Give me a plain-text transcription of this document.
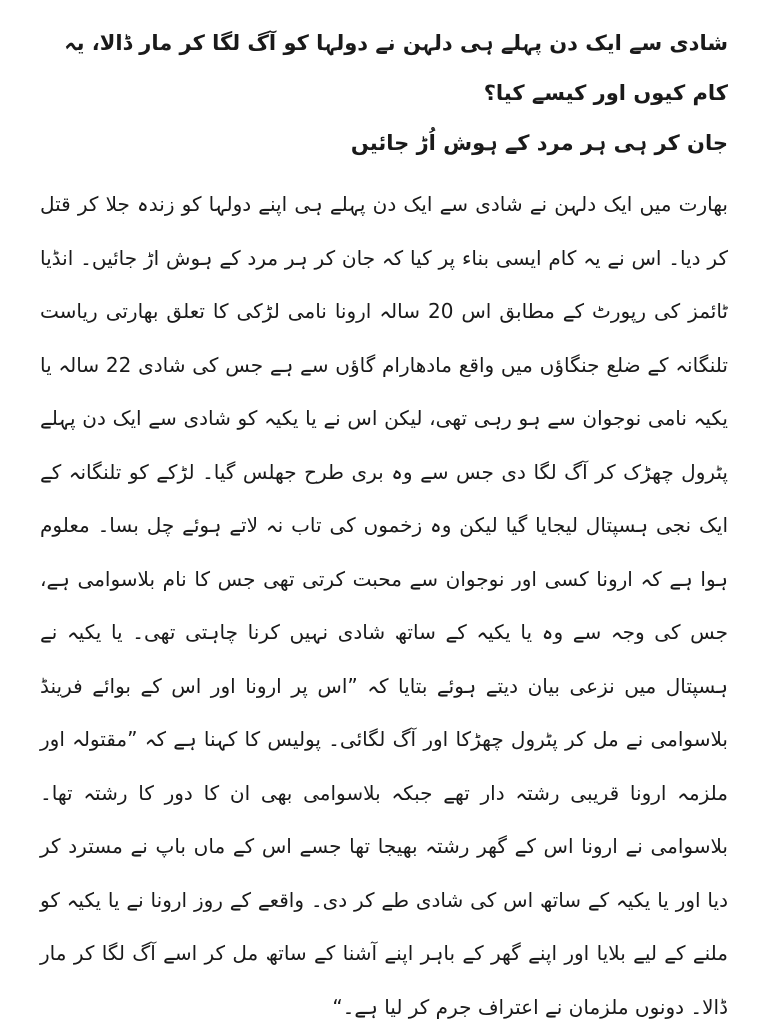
شادی سے ایک دن پہلے ہی دلہن نے دولہا کو آگ لگا کر مار ڈالا، یہ کام کیوں اور کیسے کیا؟

جان کر ہی ہر مرد کے ہوش اُڑ جائیں

بھارت میں ایک دلہن نے شادی سے ایک دن پہلے ہی اپنے دولہا کو زندہ جلا کر قتل کر دیا۔ اس نے یہ کام ایسی بناء پر کیا کہ جان کر ہر مرد کے ہوش اڑ جائیں۔ انڈیا ٹائمز کی رپورٹ کے مطابق اس 20 سالہ ارونا نامی لڑکی کا تعلق بھارتی ریاست تلنگانہ کے ضلع جنگاؤں میں واقع مادھارام گاؤں سے ہے جس کی شادی 22 سالہ یا یکیہ نامی نوجوان سے ہو رہی تھی، لیکن اس نے یا یکیہ کو شادی سے ایک دن پہلے پٹرول چھڑک کر آگ لگا دی جس سے وہ بری طرح جھلس گیا۔ لڑکے کو تلنگانہ کے ایک نجی ہسپتال لیجایا گیا لیکن وہ زخموں کی تاب نہ لاتے ہوئے چل بسا۔ معلوم ہوا ہے کہ ارونا کسی اور نوجوان سے محبت کرتی تھی جس کا نام بلاسوامی ہے، جس کی وجہ سے وہ یا یکیہ کے ساتھ شادی نہیں کرنا چاہتی تھی۔ یا یکیہ نے ہسپتال میں نزعی بیان دیتے ہوئے بتایا کہ ”اس پر ارونا اور اس کے بوائے فرینڈ بلاسوامی نے مل کر پٹرول چھڑکا اور آگ لگائی۔ پولیس کا کہنا ہے کہ ”مقتولہ اور ملزمہ ارونا قریبی رشتہ دار تھے جبکہ بلاسوامی بھی ان کا دور کا رشتہ تھا۔ بلاسوامی نے ارونا اس کے گھر رشتہ بھیجا تھا جسے اس کے ماں باپ نے مسترد کر دیا اور یا یکیہ کے ساتھ اس کی شادی طے کر دی۔ واقعے کے روز ارونا نے یا یکیہ کو ملنے کے لیے بلایا اور اپنے گھر کے باہر اپنے آشنا کے ساتھ مل کر اسے آگ لگا کر مار ڈالا۔ دونوں ملزمان نے اعتراف جرم کر لیا ہے۔“
